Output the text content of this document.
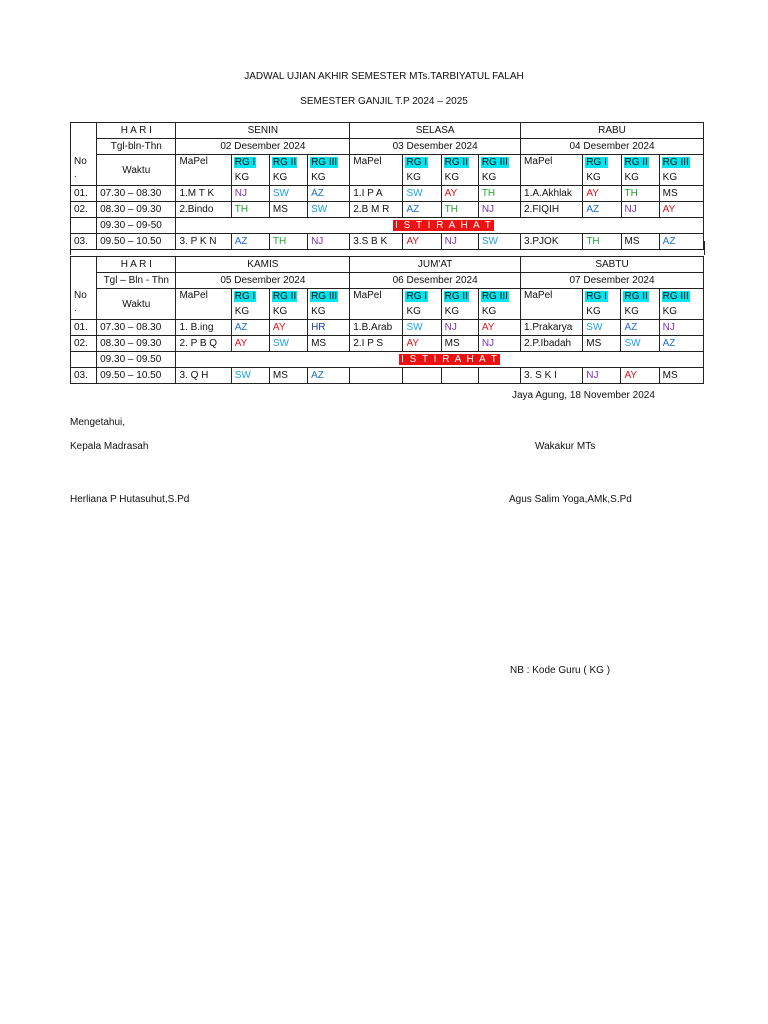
JADWAL UJIAN AKHIR SEMESTER MTs.TARBIYATUL FALAH
SEMESTER GANJIL T.P 2024 – 2025
	H A R I	SENIN				SELASA				RABU			
	Tgl-bln-Thn	02 Desember 2024				03 Desember 2024				04 Desember 2024			

No
.	Waktu	MaPel	RG I	RG II	RG III	MaPel	RG I	RG II	RG III	MaPel	RG I	RG II	RG III
			KG	KG	KG		KG	KG	KG		KG	KG	KG
01.	07.30 – 08.30	1.M T K	NJ	SW	AZ	1.I P A	SW	AY	TH	1.A.Akhlak	AY	TH	MS
02.	08.30 – 09.30	2.Bindo	TH	MS	SW	2.B M R	AZ	TH	NJ	2.FIQIH	AZ	NJ	AY
	09.30 – 09-50	I S T I R A H A T											
03.	09.50 – 10.50	3. P K N	AZ	TH	NJ	3.S B K	AY	NJ	SW	3.PJOK	TH	MS	AZ
	H A R I	KAMIS				JUM'AT				SABTU			
	Tgl – Bln - Thn	05 Desember 2024				06 Desember 2024				07 Desember 2024			

No
.	Waktu	MaPel	RG I	RG II	RG III	MaPel	RG I	RG II	RG III	MaPel	RG I	RG II	RG III
			KG	KG	KG		KG	KG	KG		KG	KG	KG
01.	07.30 – 08.30	1. B.ing	AZ	AY	HR	1.B.Arab	SW	NJ	AY	1.Prakarya	SW	AZ	NJ
02.	08.30 – 09.30	2. P B Q	AY	SW	MS	2.I P S	AY	MS	NJ	2.P.Ibadah	MS	SW	AZ
	09.30 – 09.50	I S T I R A H A T											
03.	09.50 – 10.50	3. Q H	SW	MS	AZ					3. S K I	NJ	AY	MS
Jaya Agung, 18 November 2024
Mengetahui,
Kepala Madrasah	Wakakur MTs
Herliana P Hutasuhut,S.Pd	Agus Salim Yoga,AMk,S.Pd
NB : Kode Guru ( KG )
